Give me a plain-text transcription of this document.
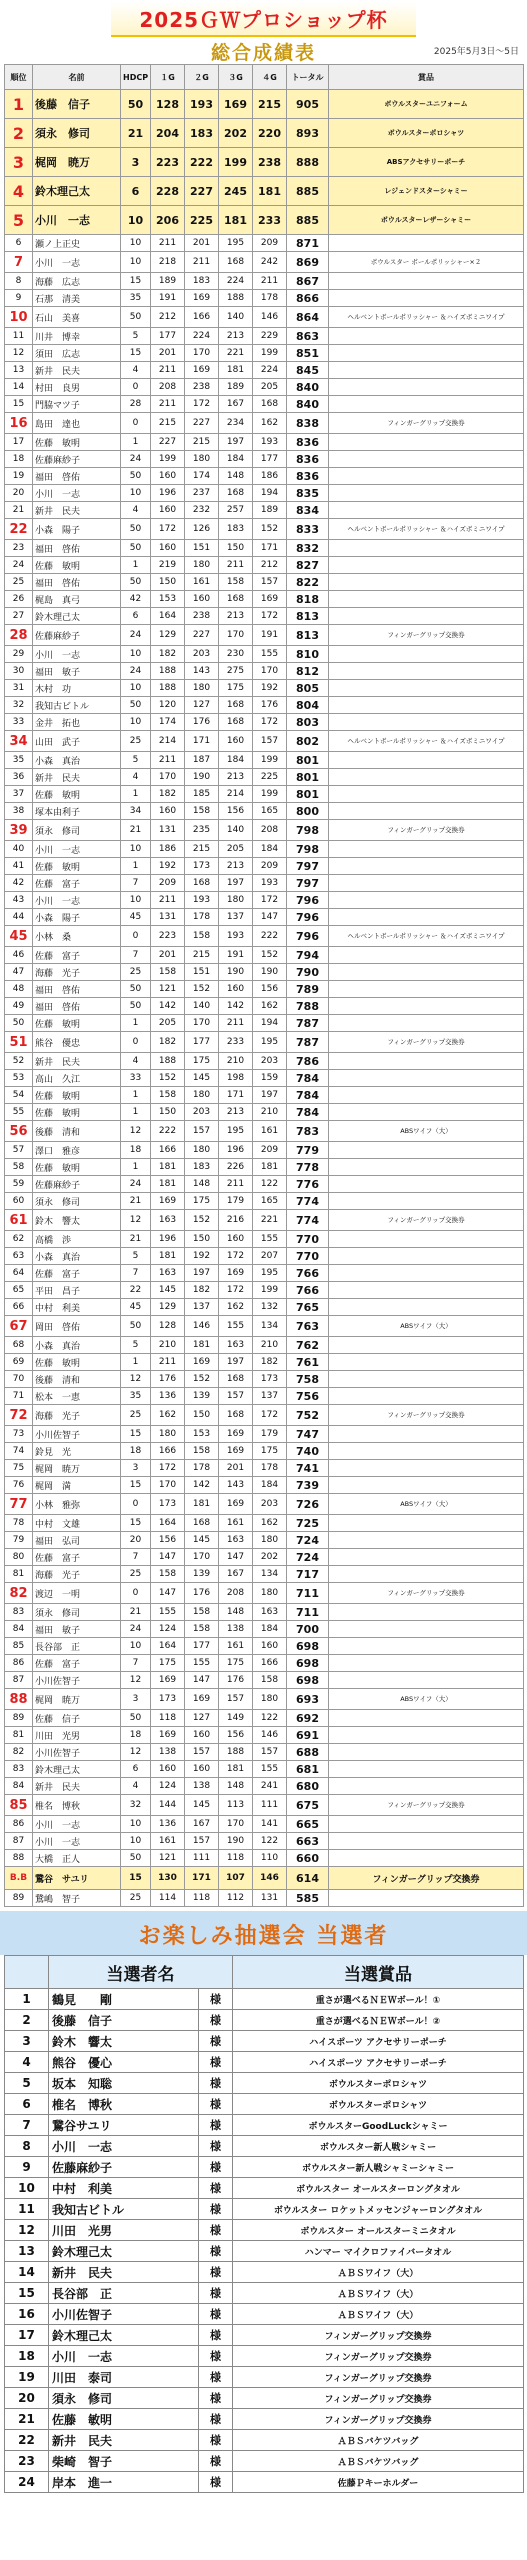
2025ＧＷプロショップ杯
総合成績表	2025年5月3日～5日
順位	名前	HDCP	１G	２G	３G	４G	トータル	賞品
1	後藤　信子	50	128	193	169	215	905	ボウルスターユニフォーム
2	須永　修司	21	204	183	202	220	893	ボウルスターポロシャツ
3	梶岡　暁万	3	223	222	199	238	888	ABSアクセサリーポーチ
4	鈴木理己太	6	228	227	245	181	885	レジェンドスターシャミー
5	小川　一志	10	206	225	181	233	885	ボウルスターレザーシャミー
6	瀬ノ上正史	10	211	201	195	209	871	
7	小川　一志	10	218	211	168	242	869	ボウルスター ボールポリッシャー×２
8	海藤　広志	15	189	183	224	211	867	
9	石那　清美	35	191	169	188	178	866	
10	石山　美喜	50	212	166	140	146	864	ヘルベントボールポリッシャー ＆ハイズボミニワイプ
11	川井　博幸	5	177	224	213	229	863	
12	須田　広志	15	201	170	221	199	851	
13	新井　民夫	4	211	169	181	224	845	
14	村田　良男	0	208	238	189	205	840	
15	門脇マツ子	28	211	172	167	168	840	
16	島田　達也	0	215	227	234	162	838	フィンガーグリップ交換券
17	佐藤　敏明	1	227	215	197	193	836	
18	佐藤麻紗子	24	199	180	184	177	836	
19	福田　啓佑	50	160	174	148	186	836	
20	小川　一志	10	196	237	168	194	835	
21	新井　民夫	4	160	232	257	189	834	
22	小森　陽子	50	172	126	183	152	833	ヘルベントボールポリッシャー ＆ハイズボミニワイプ
23	福田　啓佑	50	160	151	150	171	832	
24	佐藤　敏明	1	219	180	211	212	827	
25	福田　啓佑	50	150	161	158	157	822	
26	梶島　真弓	42	153	160	168	169	818	
27	鈴木理己太	6	164	238	213	172	813	
28	佐藤麻紗子	24	129	227	170	191	813	フィンガーグリップ交換券
29	小川　一志	10	182	203	230	155	810	
30	福田　敏子	24	188	143	275	170	812	
31	木村　功	10	188	180	175	192	805	
32	我知古ビトル	50	120	127	168	176	804	
33	金井　拓也	10	174	176	168	172	803	
34	山田　武子	25	214	171	160	157	802	ヘルベントボールポリッシャー ＆ハイズボミニワイプ
35	小森　真治	5	211	187	184	199	801	
36	新井　民夫	4	170	190	213	225	801	
37	佐藤　敏明	1	182	185	214	199	801	
38	塚本由利子	34	160	158	156	165	800	
39	須永　修司	21	131	235	140	208	798	フィンガーグリップ交換券
40	小川　一志	10	186	215	205	184	798	
41	佐藤　敏明	1	192	173	213	209	797	
42	佐藤　富子	7	209	168	197	193	797	
43	小川　一志	10	211	193	180	172	796	
44	小森　陽子	45	131	178	137	147	796	
45	小林　桑	0	223	158	193	222	796	ヘルベントボールポリッシャー ＆ハイズボミニワイプ
46	佐藤　富子	7	201	215	191	152	794	
47	海藤　光子	25	158	151	190	190	790	
48	福田　啓佑	50	121	152	160	156	789	
49	福田　啓佑	50	142	140	142	162	788	
50	佐藤　敏明	1	205	170	211	194	787	
51	熊谷　優忠	0	182	177	233	195	787	フィンガーグリップ交換券
52	新井　民夫	4	188	175	210	203	786	
53	高山　久江	33	152	145	198	159	784	
54	佐藤　敏明	1	158	180	171	197	784	
55	佐藤　敏明	1	150	203	213	210	784	
56	後藤　清和	12	222	157	195	161	783	ABSワイフ（大）
57	澤口　雅彦	18	166	180	196	209	779	
58	佐藤　敏明	1	181	183	226	181	778	
59	佐藤麻紗子	24	181	148	211	122	776	
60	須永　修司	21	169	175	179	165	774	
61	鈴木　響太	12	163	152	216	221	774	フィンガーグリップ交換券
62	高橋　渉	21	196	150	160	155	770	
63	小森　真治	5	181	192	172	207	770	
64	佐藤　富子	7	163	197	169	195	766	
65	平田　昌子	22	145	182	172	199	766	
66	中村　利美	45	129	137	162	132	765	
67	岡田　啓佑	50	128	146	155	134	763	ABSワイフ（大）
68	小森　真治	5	210	181	163	210	762	
69	佐藤　敏明	1	211	169	197	182	761	
70	後藤　清和	12	176	152	168	173	758	
71	松本　一恵	35	136	139	157	137	756	
72	海藤　光子	25	162	150	168	172	752	フィンガーグリップ交換券
73	小川佐智子	15	180	153	169	179	747	
74	鈴見　光	18	166	158	169	175	740	
75	梶岡　暁万	3	172	178	201	178	741	
76	梶岡　満	15	170	142	143	184	739	
77	小林　雅弥	0	173	181	169	203	726	ABSワイフ（大）
78	中村　文雄	15	164	168	161	162	725	
79	福田　弘司	20	156	145	163	180	724	
80	佐藤　富子	7	147	170	147	202	724	
81	海藤　光子	25	158	139	167	134	717	
82	渡辺　一明	0	147	176	208	180	711	フィンガーグリップ交換券
83	須永　修司	21	155	158	148	163	711	
84	福田　敏子	24	124	158	138	184	700	
85	長谷部　正	10	164	177	161	160	698	
86	佐藤　富子	7	175	155	175	166	698	
87	小川佐智子	12	169	147	176	158	698	
88	梶岡　暁万	3	173	169	157	180	693	ABSワイフ（大）
89	佐藤　信子	50	118	127	149	122	692	
81	川田　光男	18	169	160	156	146	691	
82	小川佐智子	12	138	157	188	157	688	
83	鈴木理己太	6	160	160	181	155	681	
84	新井　民夫	4	124	138	148	241	680	
85	椎名　博秋	32	144	145	113	111	675	フィンガーグリップ交換券
86	小川　一志	10	136	167	170	141	665	
87	小川　一志	10	161	157	190	122	663	
88	大橋　正人	50	121	111	118	110	660	
B.B	鵞谷　サユリ	15	130	171	107	146	614	フィンガーグリップ交換券
89	鵞嶋　智子	25	114	118	112	131	585	
お楽しみ抽選会 当選者
	当選者名		当選賞品
1	鶴見　　剛	様	重さが選べるＮＥＷボール！①
2	後藤　信子	様	重さが選べるＮＥＷボール！②
3	鈴木　響太	様	ハイスポーツ アクセサリーポーチ
4	熊谷　優心	様	ハイスポーツ アクセサリーポーチ
5	坂本　知聡	様	ボウルスターポロシャツ
6	椎名　博秋	様	ボウルスターポロシャツ
7	鵞谷サユリ	様	ボウルスターGoodLuckシャミー
8	小川　一志	様	ボウルスター新人戦シャミー
9	佐藤麻紗子	様	ボウルスター新人戦シャミーシャミー
10	中村　利美	様	ボウルスター オールスターロングタオル
11	我知古ビトル	様	ボウルスター ロケットメッセンジャーロングタオル
12	川田　光男	様	ボウルスター オールスターミニタオル
13	鈴木理己太	様	ハンマー マイクロファイバータオル
14	新井　民夫	様	ＡＢＳワイフ（大）
15	長谷部　正	様	ＡＢＳワイフ（大）
16	小川佐智子	様	ＡＢＳワイフ（大）
17	鈴木理己太	様	フィンガーグリップ交換券
18	小川　一志	様	フィンガーグリップ交換券
19	川田　泰司	様	フィンガーグリップ交換券
20	須永　修司	様	フィンガーグリップ交換券
21	佐藤　敏明	様	フィンガーグリップ交換券
22	新井　民夫	様	ＡＢＳバケツバッグ
23	柴崎　智子	様	ＡＢＳバケツバッグ
24	岸本　進一	様	佐藤Ｐキーホルダー
